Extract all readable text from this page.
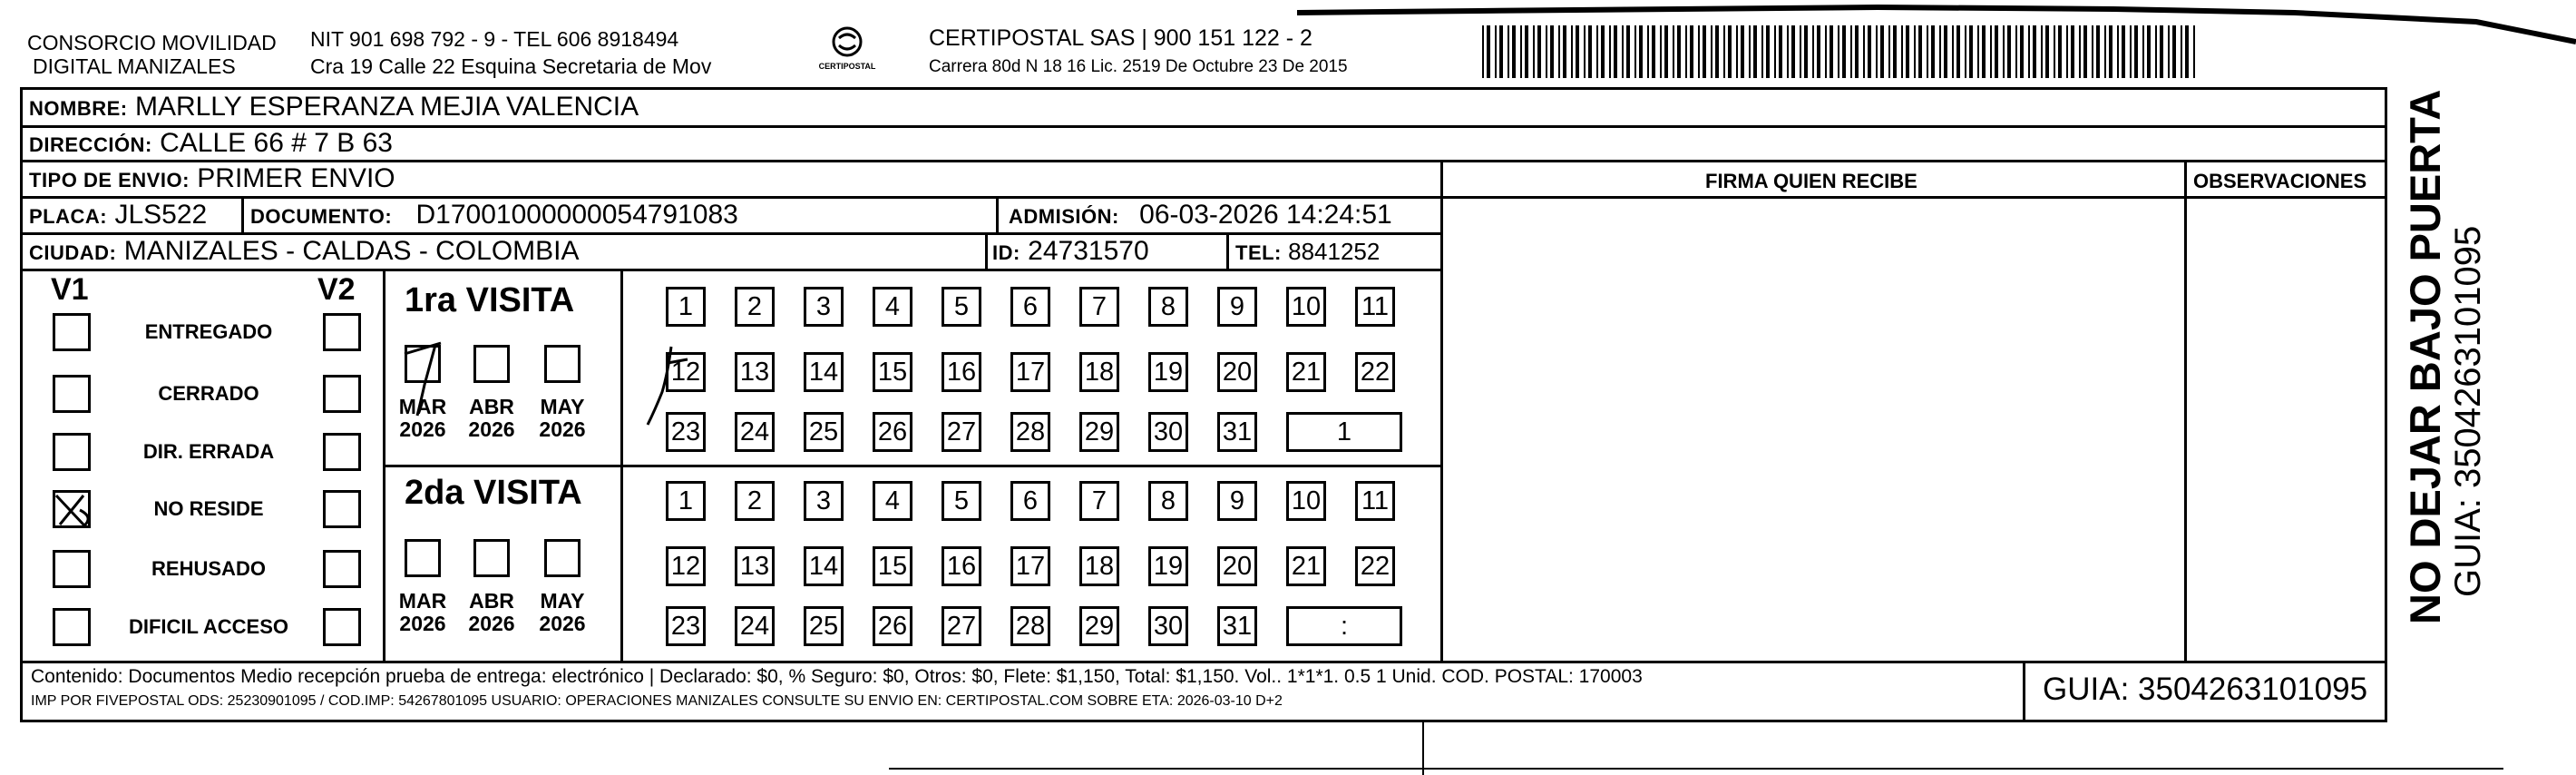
CONSORCIO MOVILIDAD
DIGITAL MANIZALES
NIT 901 698 792 - 9 - TEL 606 8918494
Cra 19 Calle 22 Esquina Secretaria de Mov	CERTIPOSTAL
CERTIPOSTAL SAS | 900 151 122 - 2
Carrera 80d N 18 16 Lic. 2519 De Octubre 23 De 2015
NOMBRE: MARLLY ESPERANZA MEJIA VALENCIA
DIRECCIÓN: CALLE 66 # 7 B 63
TIPO DE ENVIO: PRIMER ENVIO	FIRMA QUIEN RECIBE	OBSERVACIONES
PLACA: JLS522 DOCUMENTO: D17001000000054791083	ADMISIÓN: 06-03-2026 14:24:51
CIUDAD: MANIZALES - CALDAS - COLOMBIA	ID: 24731570	TEL: 8841252
V1	V2
ENTREGADO
CERRADO
DIR. ERRADA
NO RESIDE
REHUSADO
DIFICIL ACCESO
1ra VISITA
2da VISITA
MAR
2026
ABR
2026
MAY
2026
1	2	3	4	5	6	7	8	9	10 11
12 13 14 15 16 17 18 19 20 21 22
23 24 25 26 27 28 29 30 31	1
MAR
2026
ABR
2026
MAY
2026
1	2	3	4	5	6	7	8	9	10 11
12 13 14 15 16 17 18 19 20 21 22
23 24 25 26 27 28 29 30 31	:
Contenido: Documentos Medio recepción prueba de entrega: electrónico | Declarado: $0, % Seguro: $0, Otros: $0, Flete: $1,150, Total: $1,150. Vol.. 1*1*1. 0.5 1 Unid. COD. POSTAL: 170003
IMP POR FIVEPOSTAL ODS: 25230901095 / COD.IMP: 54267801095 USUARIO: OPERACIONES MANIZALES CONSULTE SU ENVIO EN: CERTIPOSTAL.COM SOBRE ETA: 2026-03-10 D+2	GUIA: 3504263101095
NO DEJAR BAJO PUERTA GUIA: 3504263101095
